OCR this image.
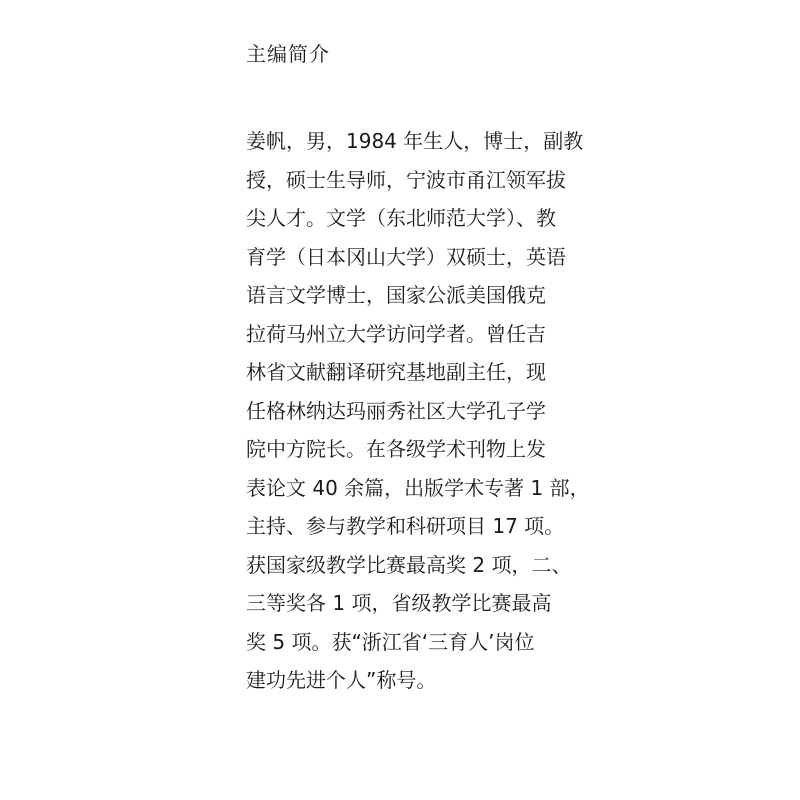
主编简介
姜帆，男，1984 年生人，博士，副教
授，硕士生导师，宁波市甬江领军拔
尖人才。文学（东北师范大学）、教
育学（日本冈山大学）双硕士，英语
语言文学博士，国家公派美国俄克
拉荷马州立大学访问学者。曾任吉
林省文献翻译研究基地副主任，现
任格林纳达玛丽秀社区大学孔子学
院中方院长。在各级学术刊物上发
表论文 40 余篇，出版学术专著 1 部，
主持、参与教学和科研项目 17 项。
获国家级教学比赛最高奖 2 项，二、
三等奖各 1 项，省级教学比赛最高
奖 5 项。获“浙江省‘三育人’岗位
建功先进个人”称号。
